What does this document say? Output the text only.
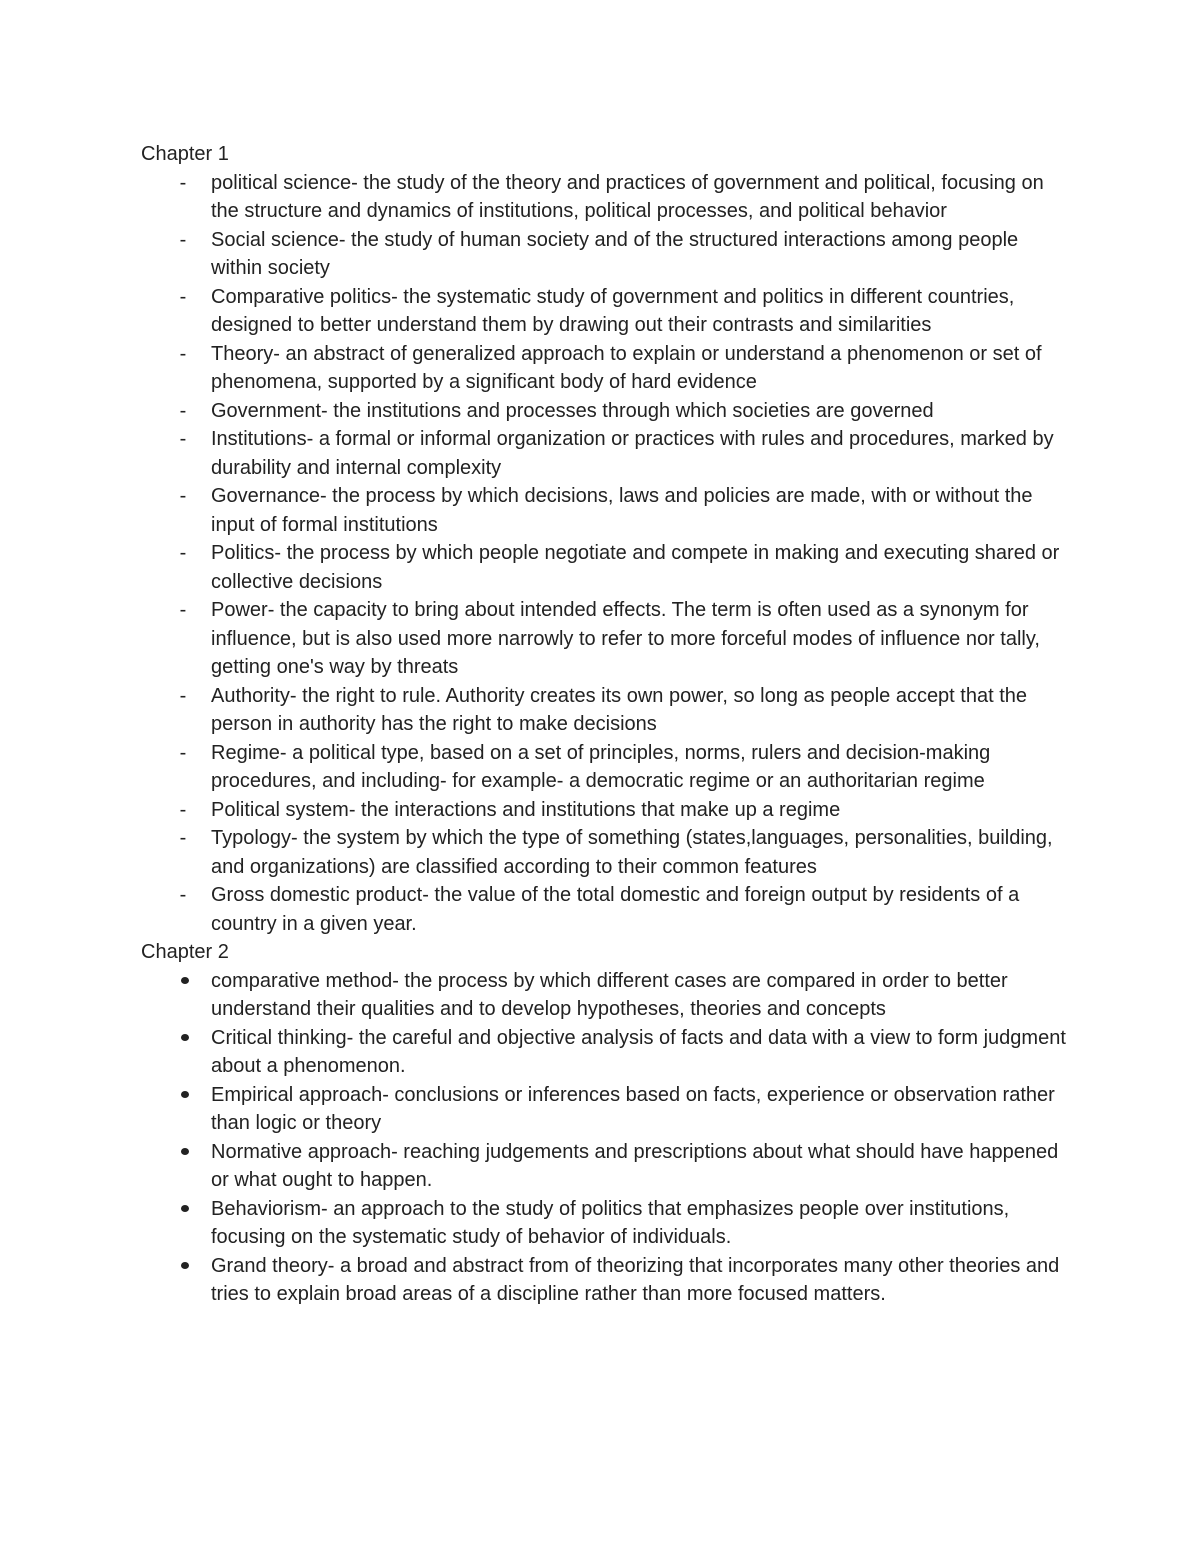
Chapter 1
- political science- the study of the theory and practices of government and political, focusing on the structure and dynamics of institutions, political processes, and political behavior
- Social science- the study of human society and of the structured interactions among people within society
- Comparative politics- the systematic study of government and politics in different countries, designed to better understand them by drawing out their contrasts and similarities
- Theory- an abstract of generalized approach to explain or understand a phenomenon or set of phenomena, supported by a significant body of hard evidence
- Government- the institutions and processes through which societies are governed
- Institutions- a formal or informal organization or practices with rules and procedures, marked by durability and internal complexity
- Governance- the process by which decisions, laws and policies are made, with or without the input of formal institutions
- Politics- the process by which people negotiate and compete in making and executing shared or collective decisions
- Power- the capacity to bring about intended effects. The term is often used as a synonym for influence, but is also used more narrowly to refer to more forceful modes of influence nor tally, getting one's way by threats
- Authority- the right to rule. Authority creates its own power, so long as people accept that the person in authority has the right to make decisions
- Regime- a political type, based on a set of principles, norms, rulers and decision-making procedures, and including- for example- a democratic regime or an authoritarian regime
- Political system- the interactions and institutions that make up a regime
- Typology- the system by which the type of something (states,languages, personalities, building, and organizations) are classified according to their common features
- Gross domestic product- the value of the total domestic and foreign output by residents of a country in a given year.
Chapter 2
comparative method- the process by which different cases are compared in order to better understand their qualities and to develop hypotheses, theories and concepts
Critical thinking- the careful and objective analysis of facts and data with a view to form judgment about a phenomenon.
Empirical approach- conclusions or inferences based on facts, experience or observation rather than logic or theory
Normative approach- reaching judgements and prescriptions about what should have happened or what ought to happen.
Behaviorism- an approach to the study of politics that emphasizes people over institutions, focusing on the systematic study of behavior of individuals.
Grand theory- a broad and abstract from of theorizing that incorporates many other theories and tries to explain broad areas of a discipline rather than more focused matters.
